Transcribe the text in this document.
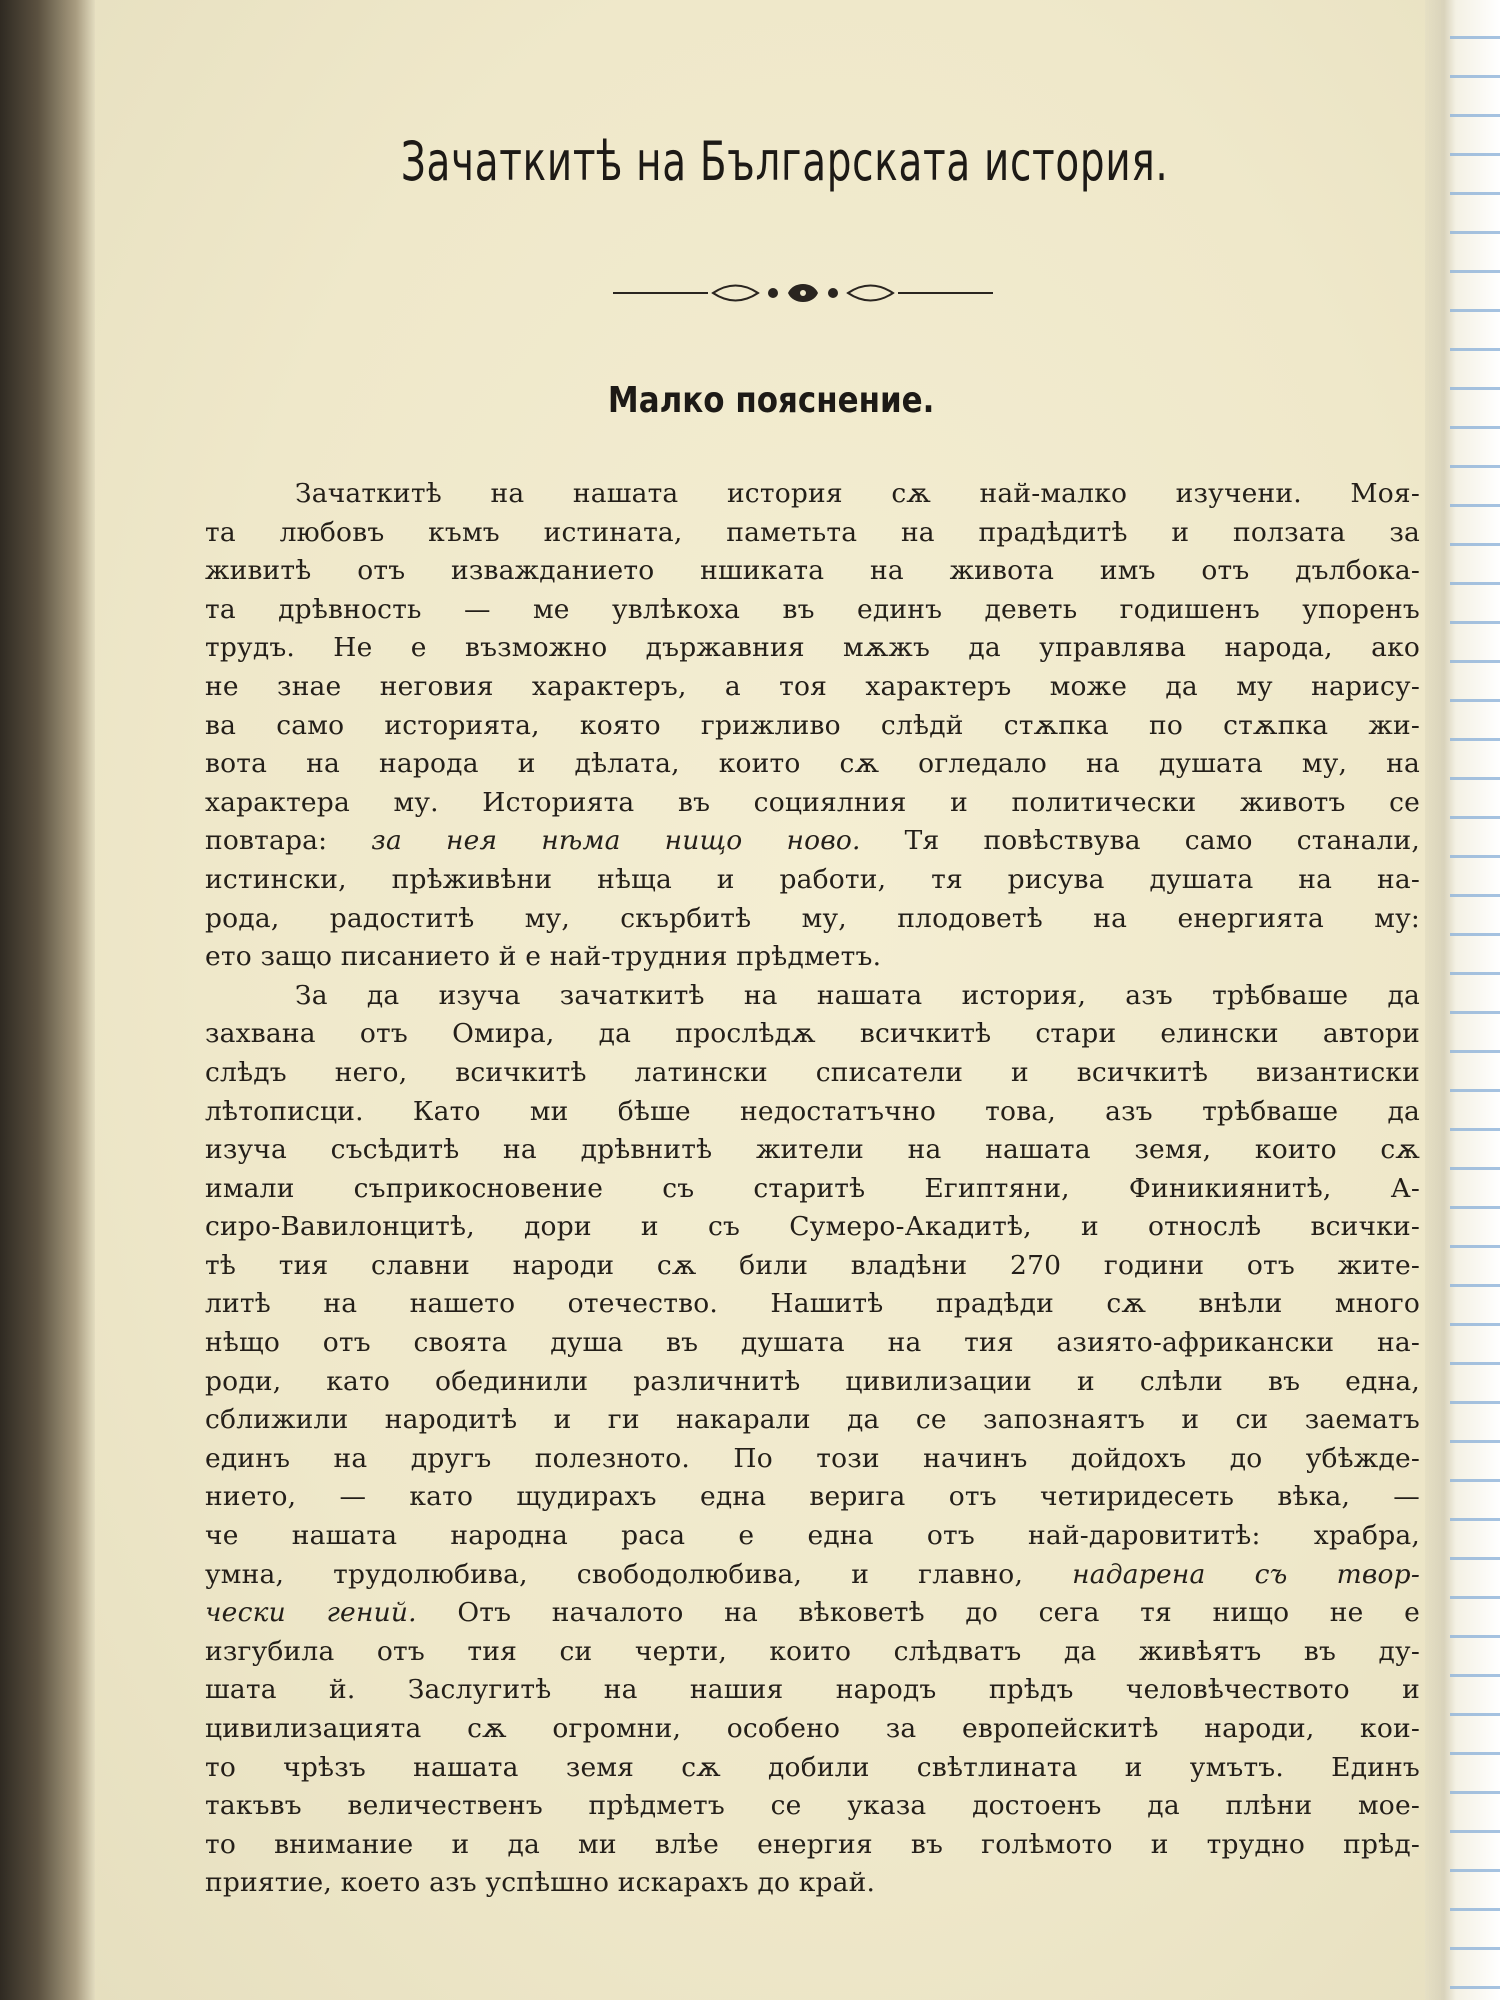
Зачаткитѣ на Българската история.
Малко пояснение.
Зачаткитѣ на нашата история сѫ най-малко изучени. Моя-
та любовъ къмъ истината, паметьта на прадѣдитѣ и ползата за
живитѣ отъ изважданието ншиката на живота имъ отъ дълбока-
та дрѣвность — ме увлѣкоха въ единъ деветь годишенъ упоренъ
трудъ. Не е възможно държавния мѫжъ да управлява народа, ако
не знае неговия характеръ, а тоя характеръ може да му нарису-
ва само историята, която грижливо слѣдй стѫпка по стѫпка жи-
вота на народа и дѣлата, които сѫ огледало на душата му, на
характера му. Историята въ социялния и политически животъ се
повтара: за нея нѣма нищо ново. Тя повѣствува само станали,
истински, прѣживѣни нѣща и работи, тя рисува душата на на-
рода, радоститѣ му, скърбитѣ му, плодоветѣ на енергията му:
ето защо писанието й е най-трудния прѣдметъ.
За да изуча зачаткитѣ на нашата история, азъ трѣбваше да
захвана отъ Омира, да прослѣдѫ всичкитѣ стари елински автори
слѣдъ него, всичкитѣ латински списатели и всичкитѣ византиски
лѣтописци. Като ми бѣше недостатъчно това, азъ трѣбваше да
изуча съсѣдитѣ на дрѣвнитѣ жители на нашата земя, които сѫ
имали съприкосновение съ старитѣ Египтяни, Финикиянитѣ, А-
сиро-Вавилонцитѣ, дори и съ Сумеро-Акадитѣ, и относлѣ всички-
тѣ тия славни народи сѫ били владѣни 270 години отъ жите-
литѣ на нашето отечество. Нашитѣ прадѣди сѫ внѣли много
нѣщо отъ своята душа въ душата на тия азиято-африкански на-
роди, като обединили различнитѣ цивилизации и слѣли въ една,
сближили народитѣ и ги накарали да се запознаятъ и си заематъ
единъ на другъ полезното. По този начинъ дойдохъ до убѣжде-
нието, — като щудирахъ една верига отъ четиридесеть вѣка, —
че нашата народна раса е една отъ най-даровититѣ: храбра,
умна, трудолюбива, свободолюбива, и главно, надарена съ твор-
чески гений. Отъ началото на вѣковетѣ до сега тя нищо не е
изгубила отъ тия си черти, които слѣдватъ да живѣятъ въ ду-
шата й. Заслугитѣ на нашия народъ прѣдъ человѣчеството и
цивилизацията сѫ огромни, особено за европейскитѣ народи, кои-
то чрѣзъ нашата земя сѫ добили свѣтлината и умътъ. Единъ
такъвъ величественъ прѣдметъ се указа достоенъ да плѣни мое-
то внимание и да ми влѣе енергия въ голѣмото и трудно прѣд-
приятие, което азъ успѣшно искарахъ до край.
